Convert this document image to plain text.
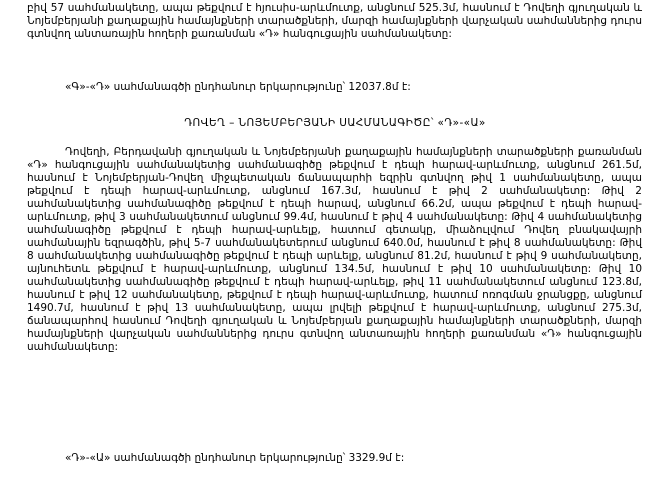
բիվ 57 սահմանակետը, ապա թեքվում է հյուսիս-արևմուտք, անցնում 525.3մ, հասնում է Դովեղի գյուղական և Նոյեմբերյանի քաղաքային համայնքների տարածքների, մարզի համայնքների վարչական սահմաններից դուրս գտնվող անտառային հողերի քառանման «Դ» հանգուցային սահմանակետը:

«Գ»-«Դ» սահմանագծի ընդհանուր երկարությունը՝ 12037.8մ է:
ԴՈՎԵՂ – ՆՈՅԵՄԲԵՐՅԱՆԻ ՍԱՀՄԱՆԱԳԻԾԸ՝ «Դ»-«Ա»

Դովեղի, Բերդավանի գյուղական և Նոյեմբերյանի քաղաքային համայնքների տարածքների քառանման «Դ» հանգուցային սահմանակետից սահմանագիծը թեքվում է դեպի հարավ-արևմուտք, անցնում 261.5մ, հասնում է Նոյեմբերյան-Դովեղ միջպետական ճանապարհի եզրին գտնվող թիվ 1 սահմանակետը, ապա թեքվում է դեպի հարավ-արևմուտք, անցնում 167.3մ, հասնում է թիվ 2 սահմանակետը: Թիվ 2 սահմանակետից սահմանագիծը թեքվում է դեպի հարավ, անցնում 66.2մ, ապա թեքվում է դեպի հարավ-արևմուտք, թիվ 3 սահմանակետում անցնում 99.4մ, հասնում է թիվ 4 սահմանակետը: Թիվ 4 սահմանակետից սահմանագիծը թեքվում է դեպի հարավ-արևելք, հատում գետակը, միաձուլվում Դովեղ բնակավայրի սահմանային եզրագծին, թիվ 5-7 սահմանակետերում անցնում 640.0մ, հասնում է թիվ 8 սահմանակետը: Թիվ 8 սահմանակետից սահմանագիծը թեքվում է դեպի արևելք, անցնում 81.2մ, հասնում է թիվ 9 սահմանակետը, այնուհետև թեքվում է հարավ-արևմուտք, անցնում 134.5մ, հասնում է թիվ 10 սահմանակետը: Թիվ 10 սահմանակետից սահմանագիծը թեքվում է դեպի հարավ-արևելք, թիվ 11 սահմանակետում անցնում 123.8մ, հասնում է թիվ 12 սահմանակետը, թեքվում է դեպի հարավ-արևմուտք, հատում ոռոգման ջրանցքը, անցնում 1490.7մ, հասնում է թիվ 13 սահմանակետը, ապա լրվելի թեքվում է հարավ-արևմուտք, անցնում 275.3մ, ճանապարհով հասնում Դովեղի գյուղական և Նոյեմբերյան քաղաքային համայնքների տարածքների, մարզի համայնքների վարչական սահմաններից դուրս գտնվող անտառային հողերի քառանման «Դ» հանգուցային սահմանակետը:

«Դ»-«Ա» սահմանագծի ընդհանուր երկարությունը՝ 3329.9մ է:
